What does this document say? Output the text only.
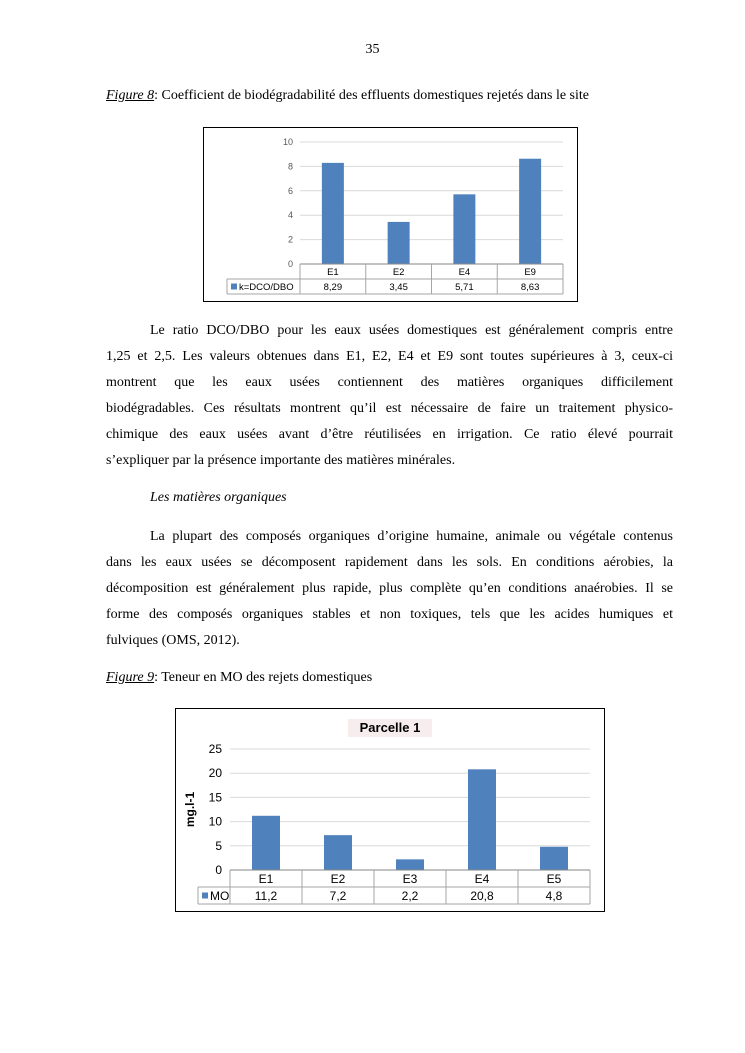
35
Figure 8: Coefficient de biodégradabilité des effluents domestiques rejetés dans le site
0
2
4
6
8
10
E1
8,29
E2
3,45
E4
5,71
E9
8,63
k=DCO/DBO
Le ratio DCO/DBO pour les eaux usées domestiques est généralement compris entre
1,25 et 2,5. Les valeurs obtenues dans E1, E2, E4 et E9 sont toutes supérieures à 3, ceux-ci
montrent que les eaux usées contiennent des matières organiques difficilement
biodégradables. Ces résultats montrent qu’il est nécessaire de faire un traitement physico-
chimique des eaux usées avant d’être réutilisées en irrigation. Ce ratio élevé pourrait
s’expliquer par la présence importante des matières minérales.
Les matières organiques
La plupart des composés organiques d’origine humaine, animale ou végétale contenus
dans les eaux usées se décomposent rapidement dans les sols. En conditions aérobies, la
décomposition est généralement plus rapide, plus complète qu’en conditions anaérobies. Il se
forme des composés organiques stables et non toxiques, tels que les acides humiques et
fulviques (OMS, 2012).
Figure 9: Teneur en MO des rejets domestiques
Parcelle 1
0
5
10
15
20
25
mg.l-1
E1
11,2
E2
7,2
E3
2,2
E4
20,8
E5
4,8
MO
